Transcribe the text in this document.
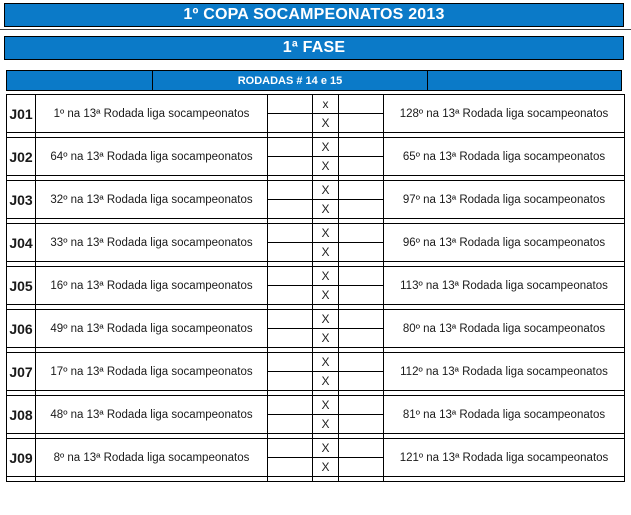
1º COPA SOCAMPEONATOS 2013
1ª FASE
RODADAS # 14 e 15
J01	1º na 13ª Rodada liga socampeonatos		x		128º na 13ª Rodada liga socampeonatos
			X		

J02	64º na 13ª Rodada liga socampeonatos		X		65º na 13ª Rodada liga socampeonatos
			X		

J03	32º na 13ª Rodada liga socampeonatos		X		97º na 13ª Rodada liga socampeonatos
			X		

J04	33º na 13ª Rodada liga socampeonatos		X		96º na 13ª Rodada liga socampeonatos
			X		

J05	16º na 13ª Rodada liga socampeonatos		X		113º na 13ª Rodada liga socampeonatos
			X		

J06	49º na 13ª Rodada liga socampeonatos		X		80º na 13ª Rodada liga socampeonatos
			X		

J07	17º na 13ª Rodada liga socampeonatos		X		112º na 13ª Rodada liga socampeonatos
			X		

J08	48º na 13ª Rodada liga socampeonatos		X		81º na 13ª Rodada liga socampeonatos
			X		

J09	8º na 13ª Rodada liga socampeonatos		X		121º na 13ª Rodada liga socampeonatos
			X		
